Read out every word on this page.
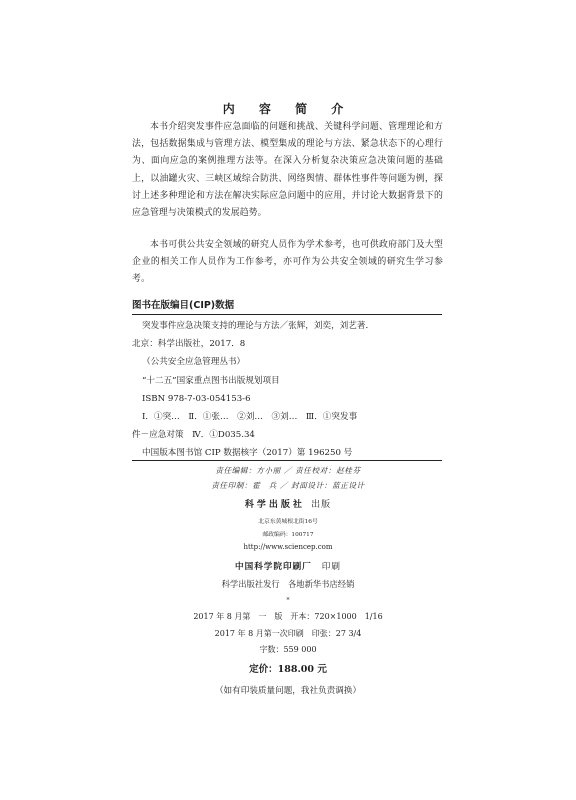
内 容 简 介
本书介绍突发事件应急面临的问题和挑战、关键科学问题、管理理论和方法，包括数据集成与管理方法、模型集成的理论与方法、紧急状态下的心理行为、面向应急的案例推理方法等。在深入分析复杂决策应急决策问题的基础上，以油罐火灾、三峡区域综合防洪、网络舆情、群体性事件等问题为例，探讨上述多种理论和方法在解决实际应急问题中的应用，并讨论大数据背景下的应急管理与决策模式的发展趋势。
本书可供公共安全领域的研究人员作为学术参考，也可供政府部门及大型企业的相关工作人员作为工作参考，亦可作为公共安全领域的研究生学习参考。
图书在版编目(CIP)数据
突发事件应急决策支持的理论与方法／张辉，刘奕，刘艺著．
北京：科学出版社，2017．8
（公共安全应急管理丛书）
“十二五”国家重点图书出版规划项目
ISBN 978-7-03-054153-6
Ⅰ．①突…　Ⅱ．①张…　②刘…　③刘…　Ⅲ．①突发事
件－应急对策　Ⅳ．①D035.34
中国版本图书馆 CIP 数据核字（2017）第 196250 号
责任编辑：方小丽 ／ 责任校对：赵桂芬
责任印制：霍　兵 ／ 封面设计：蓝正设计
科学出版社 出版
北京东黄城根北街16号
邮政编码：100717
http://www.sciencep.com
中国科学院印刷厂 印刷
科学出版社发行　各地新华书店经销
*
2017 年 8 月第　一　版　开本：720×1000　1/16
2017 年 8 月第一次印刷　印张：27 3/4
字数：559 000
定价：188.00 元
（如有印装质量问题，我社负责调换）
